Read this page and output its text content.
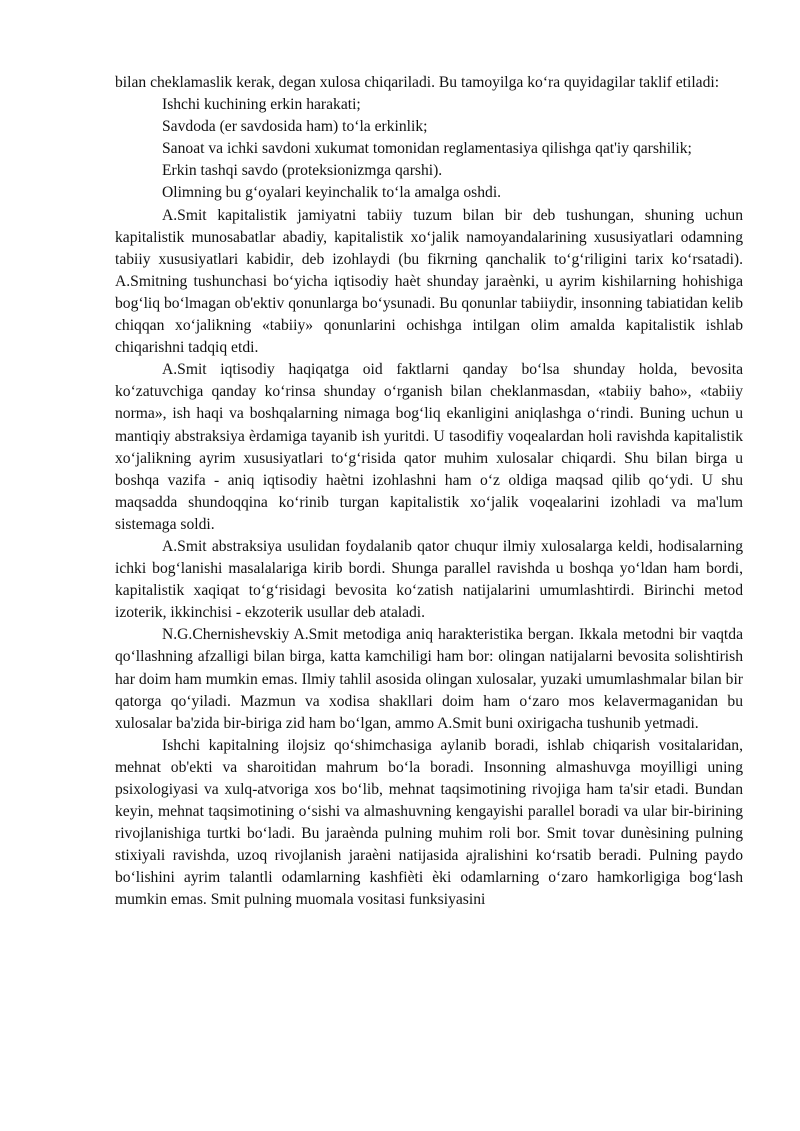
bilan cheklamaslik kerak, degan xulosa chiqariladi. Bu tamoyilga ko‘ra quyidagilar taklif etiladi:

Ishchi kuchining erkin harakati;

Savdoda (er savdosida ham) to‘la erkinlik;

Sanoat va ichki savdoni xukumat tomonidan reglamentasiya qilishga qat'iy qarshilik;

Erkin tashqi savdo (proteksionizmga qarshi).

Olimning bu g‘oyalari keyinchalik to‘la amalga oshdi.

A.Smit kapitalistik jamiyatni tabiiy tuzum bilan bir deb tushungan, shuning uchun kapitalistik munosabatlar abadiy, kapitalistik xo‘jalik namoyandalarining xususiyatlari odamning tabiiy xususiyatlari kabidir, deb izohlaydi (bu fikrning qanchalik to‘g‘riligini tarix ko‘rsatadi). A.Smitning tushunchasi bo‘yicha iqtisodiy haèt shunday jaraènki, u ayrim kishilarning hohishiga bog‘liq bo‘lmagan ob'ektiv qonunlarga bo‘ysunadi. Bu qonunlar tabiiydir, insonning tabiatidan kelib chiqqan xo‘jalikning «tabiiy» qonunlarini ochishga intilgan olim amalda kapitalistik ishlab chiqarishni tadqiq etdi.

A.Smit iqtisodiy haqiqatga oid faktlarni qanday bo‘lsa shunday holda, bevosita ko‘zatuvchiga qanday ko‘rinsa shunday o‘rganish bilan cheklanmasdan, «tabiiy baho», «tabiiy norma», ish haqi va boshqalarning nimaga bog‘liq ekanligini aniqlashga o‘rindi. Buning uchun u mantiqiy abstraksiya èrdamiga tayanib ish yuritdi. U tasodifiy voqealardan holi ravishda kapitalistik xo‘jalikning ayrim xususiyatlari to‘g‘risida qator muhim xulosalar chiqardi. Shu bilan birga u boshqa vazifa - aniq iqtisodiy haètni izohlashni ham o‘z oldiga maqsad qilib qo‘ydi. U shu maqsadda shundoqqina ko‘rinib turgan kapitalistik xo‘jalik voqealarini izohladi va ma'lum sistemaga soldi.

A.Smit abstraksiya usulidan foydalanib qator chuqur ilmiy xulosalarga keldi, hodisalarning ichki bog‘lanishi masalalariga kirib bordi. Shunga parallel ravishda u boshqa yo‘ldan ham bordi, kapitalistik xaqiqat to‘g‘risidagi bevosita ko‘zatish natijalarini umumlashtirdi. Birinchi metod izoterik, ikkinchisi - ekzoterik usullar deb ataladi.

N.G.Chernishevskiy A.Smit metodiga aniq harakteristika bergan. Ikkala metodni bir vaqtda qo‘llashning afzalligi bilan birga, katta kamchiligi ham bor: olingan natijalarni bevosita solishtirish har doim ham mumkin emas. Ilmiy tahlil asosida olingan xulosalar, yuzaki umumlashmalar bilan bir qatorga qo‘yiladi. Mazmun va xodisa shakllari doim ham o‘zaro mos kelavermaganidan bu xulosalar ba'zida bir-biriga zid ham bo‘lgan, ammo A.Smit buni oxirigacha tushunib yetmadi.

Ishchi kapitalning ilojsiz qo‘shimchasiga aylanib boradi, ishlab chiqarish vositalaridan, mehnat ob'ekti va sharoitidan mahrum bo‘la boradi. Insonning almashuvga moyilligi uning psixologiyasi va xulq-atvoriga xos bo‘lib, mehnat taqsimotining rivojiga ham ta'sir etadi. Bundan keyin, mehnat taqsimotining o‘sishi va almashuvning kengayishi parallel boradi va ular bir-birining rivojlanishiga turtki bo‘ladi. Bu jaraènda pulning muhim roli bor. Smit tovar dunèsining pulning stixiyali ravishda, uzoq rivojlanish jaraèni natijasida ajralishini ko‘rsatib beradi. Pulning paydo bo‘lishini ayrim talantli odamlarning kashfièti èki odamlarning o‘zaro hamkorligiga bog‘lash mumkin emas. Smit pulning muomala vositasi funksiyasini
